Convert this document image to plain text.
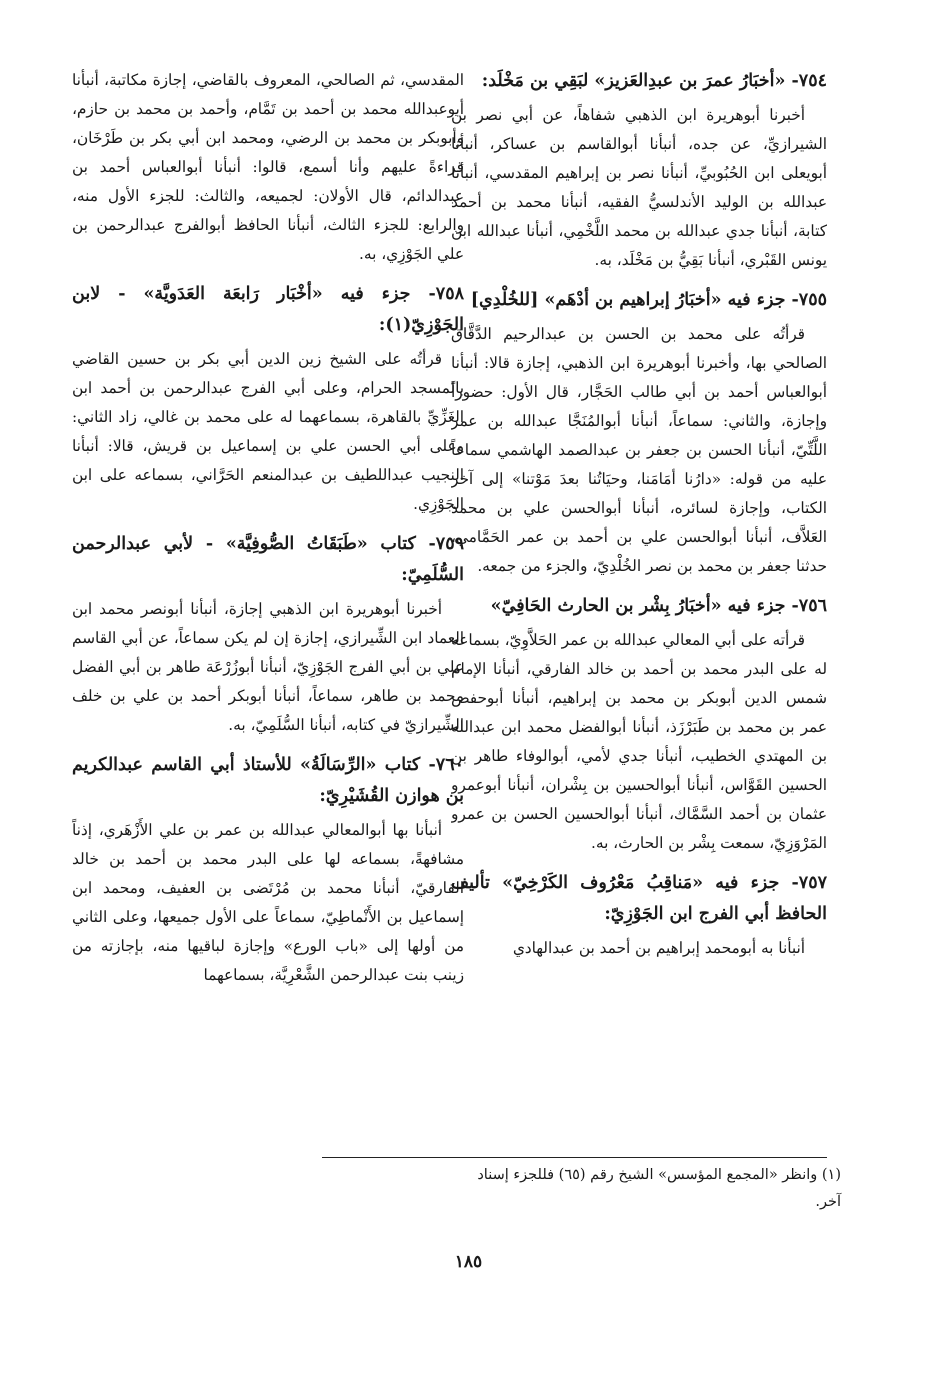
٧٥٤- «أخبَارُ عمرَ بن عبدِالعَزيز» لبَقِي بن مَخْلَد:

أخبرنا أبوهريرة ابن الذهبي شفاهاً، عن أبي نصر بن الشيرازيِّ، عن جده، أنبأنا أبوالقاسم بن عساكر، أنبأنا أبويعلى ابن الحُبُوبيِّ، أنبأنا نصر بن إبراهيم المقدسي، أنبأنا عبدالله بن الوليد الأندلسيُّ الفقيه، أنبأنا محمد بن أحمد كتابة، أنبأنا جدي عبدالله بن محمد اللَّخْمِي، أنبأنا عبدالله ابن يونس القَبْري، أنبأنا بَقِيُّ بن مَخْلَد، به.

٧٥٥- جزء فيه «أخبَارُ إبراهيم بن أدْهَم» [للخُلْدِي]

قرأتُه على محمد بن الحسن بن عبدالرحيم الدَّقَّاق الصالحي بها، وأخبرنا أبوهريرة ابن الذهبي، إجازة قالا: أنبأنا أبوالعباس أحمد بن أبي طالب الحَجَّار، قال الأول: حضوراً وإجازة، والثاني: سماعاً، أنبأنا أبوالمُنَجَّا عبدالله بن عمر اللَّتِّيّ، أنبأنا الحسن بن جعفر بن عبدالصمد الهاشمي سماعاً عليه من قوله: «دارُنا أمَامَنا، وحيَاتُنا بعدَ مَوْتنا» إلى آخر الكتاب، وإجازة لسائره، أنبأنا أبوالحسن علي بن محمد العَلاَّف، أنبأنا أبوالحسن علي بن أحمد بن عمر الحَمَّامي، حدثنا جعفر بن محمد بن نصر الخُلْدِيّ، والجزء من جمعه.

٧٥٦- جزء فيه «أخبَارُ بِشْر بن الحارث الحَافِيّ»

قرأته على أبي المعالي عبدالله بن عمر الحَلاَّوِيّ، بسماعه له على البدر محمد بن أحمد بن خالد الفارقي، أنبأنا الإمام شمس الدين أبوبكر بن محمد بن إبراهيم، أنبأنا أبوحفص عمر بن محمد بن طَبَرْزَذ، أنبأنا أبوالفضل محمد ابن عبدالله بن المهتدي الخطيب، أنبأنا جدي لأمي، أبوالوفاء طاهر بن الحسين القَوَّاس، أنبأنا أبوالحسين بن بِشْران، أنبأنا أبوعمرو عثمان بن أحمد السَّمَّاك، أنبأنا أبوالحسين الحسن بن عمرو المَرْوَزِيّ، سمعت بِشْر بن الحارث، به.

٧٥٧- جزء فيه «مَناقِبُ مَعْرُوف الكَرْخِيّ» تأليف الحافظ أبي الفرج ابن الجَوْزِيّ:

أنبأنا به أبومحمد إبراهيم بن أحمد بن عبدالهادي

المقدسي، ثم الصالحي، المعروف بالقاضي، إجازة مكاتبة، أنبأنا أبوعبدالله محمد بن أحمد بن تَمَّام، وأحمد بن محمد بن حازم، وأبوبكر بن محمد بن الرضي، ومحمد ابن أبي بكر بن طَرْخَان، قراءةً عليهم وأنا أسمع، قالوا: أنبأنا أبوالعباس أحمد بن عبدالدائم، قال الأولان: لجميعه، والثالث: للجزء الأول منه، والرابع: للجزء الثالث، أنبأنا الحافظ أبوالفرج عبدالرحمن بن علي الجَوْزِي، به.

٧٥٨- جزء فيه «أخْبَار رَابعَة العَدَويَّة» - لابن الجَوْزِيّ(١):

قرأتُه على الشيخ زين الدين أبي بكر بن حسين القاضي بالمسجد الحرام، وعلى أبي الفرج عبدالرحمن بن أحمد ابن الغَزِّيِّ بالقاهرة، بسماعهما له على محمد بن غالي، زاد الثاني: وعلى أبي الحسن علي بن إسماعيل بن قريش، قالا: أنبأنا النجيب عبداللطيف بن عبدالمنعم الحَرَّاني، بسماعه على ابن الجَوْزِي.

٧٥٩- كتاب «طَبَقَاتُ الصُّوفِيَّة» - لأبي عبدالرحمن السُّلَمِيّ:

أخبرنا أبوهريرة ابن الذهبي إجازة، أنبأنا أبونصر محمد ابن العماد ابن الشِّيرازي، إجازة إن لم يكن سماعاً، عن أبي القاسم علي بن أبي الفرج الجَوْزِيّ، أنبأنا أبوزُرْعَة طاهر بن أبي الفضل محمد بن طاهر، سماعاً، أنبأنا أبوبكر أحمد بن علي بن خلف الشِّيرازيّ في كتابه، أنبأنا السُّلَمِيّ، به.

٧٦٠- كتاب «الرِّسَالَةُ» للأستاذ أبي القاسم عبدالكريم بن هوازن القُشَيْرِيّ:

أنبأنا بها أبوالمعالي عبدالله بن عمر بن علي الأَزْهَري، إذناً مشافهةً، بسماعه لها على البدر محمد بن أحمد بن خالد الفارقيّ، أنبأنا محمد بن مُرْتَضى بن العفيف، ومحمد ابن إسماعيل بن الأَنْماطِيّ، سماعاً على الأول جميعها، وعلى الثاني من أولها إلى «باب الورع» وإجازة لباقيها منه، بإجازته من زينب بنت عبدالرحمن الشَّعْرِيَّة، بسماعهما

(١) وانظر «المجمع المؤسس» الشيخ رقم (٦٥) فللجزء إسناد آخر.

١٨٥
